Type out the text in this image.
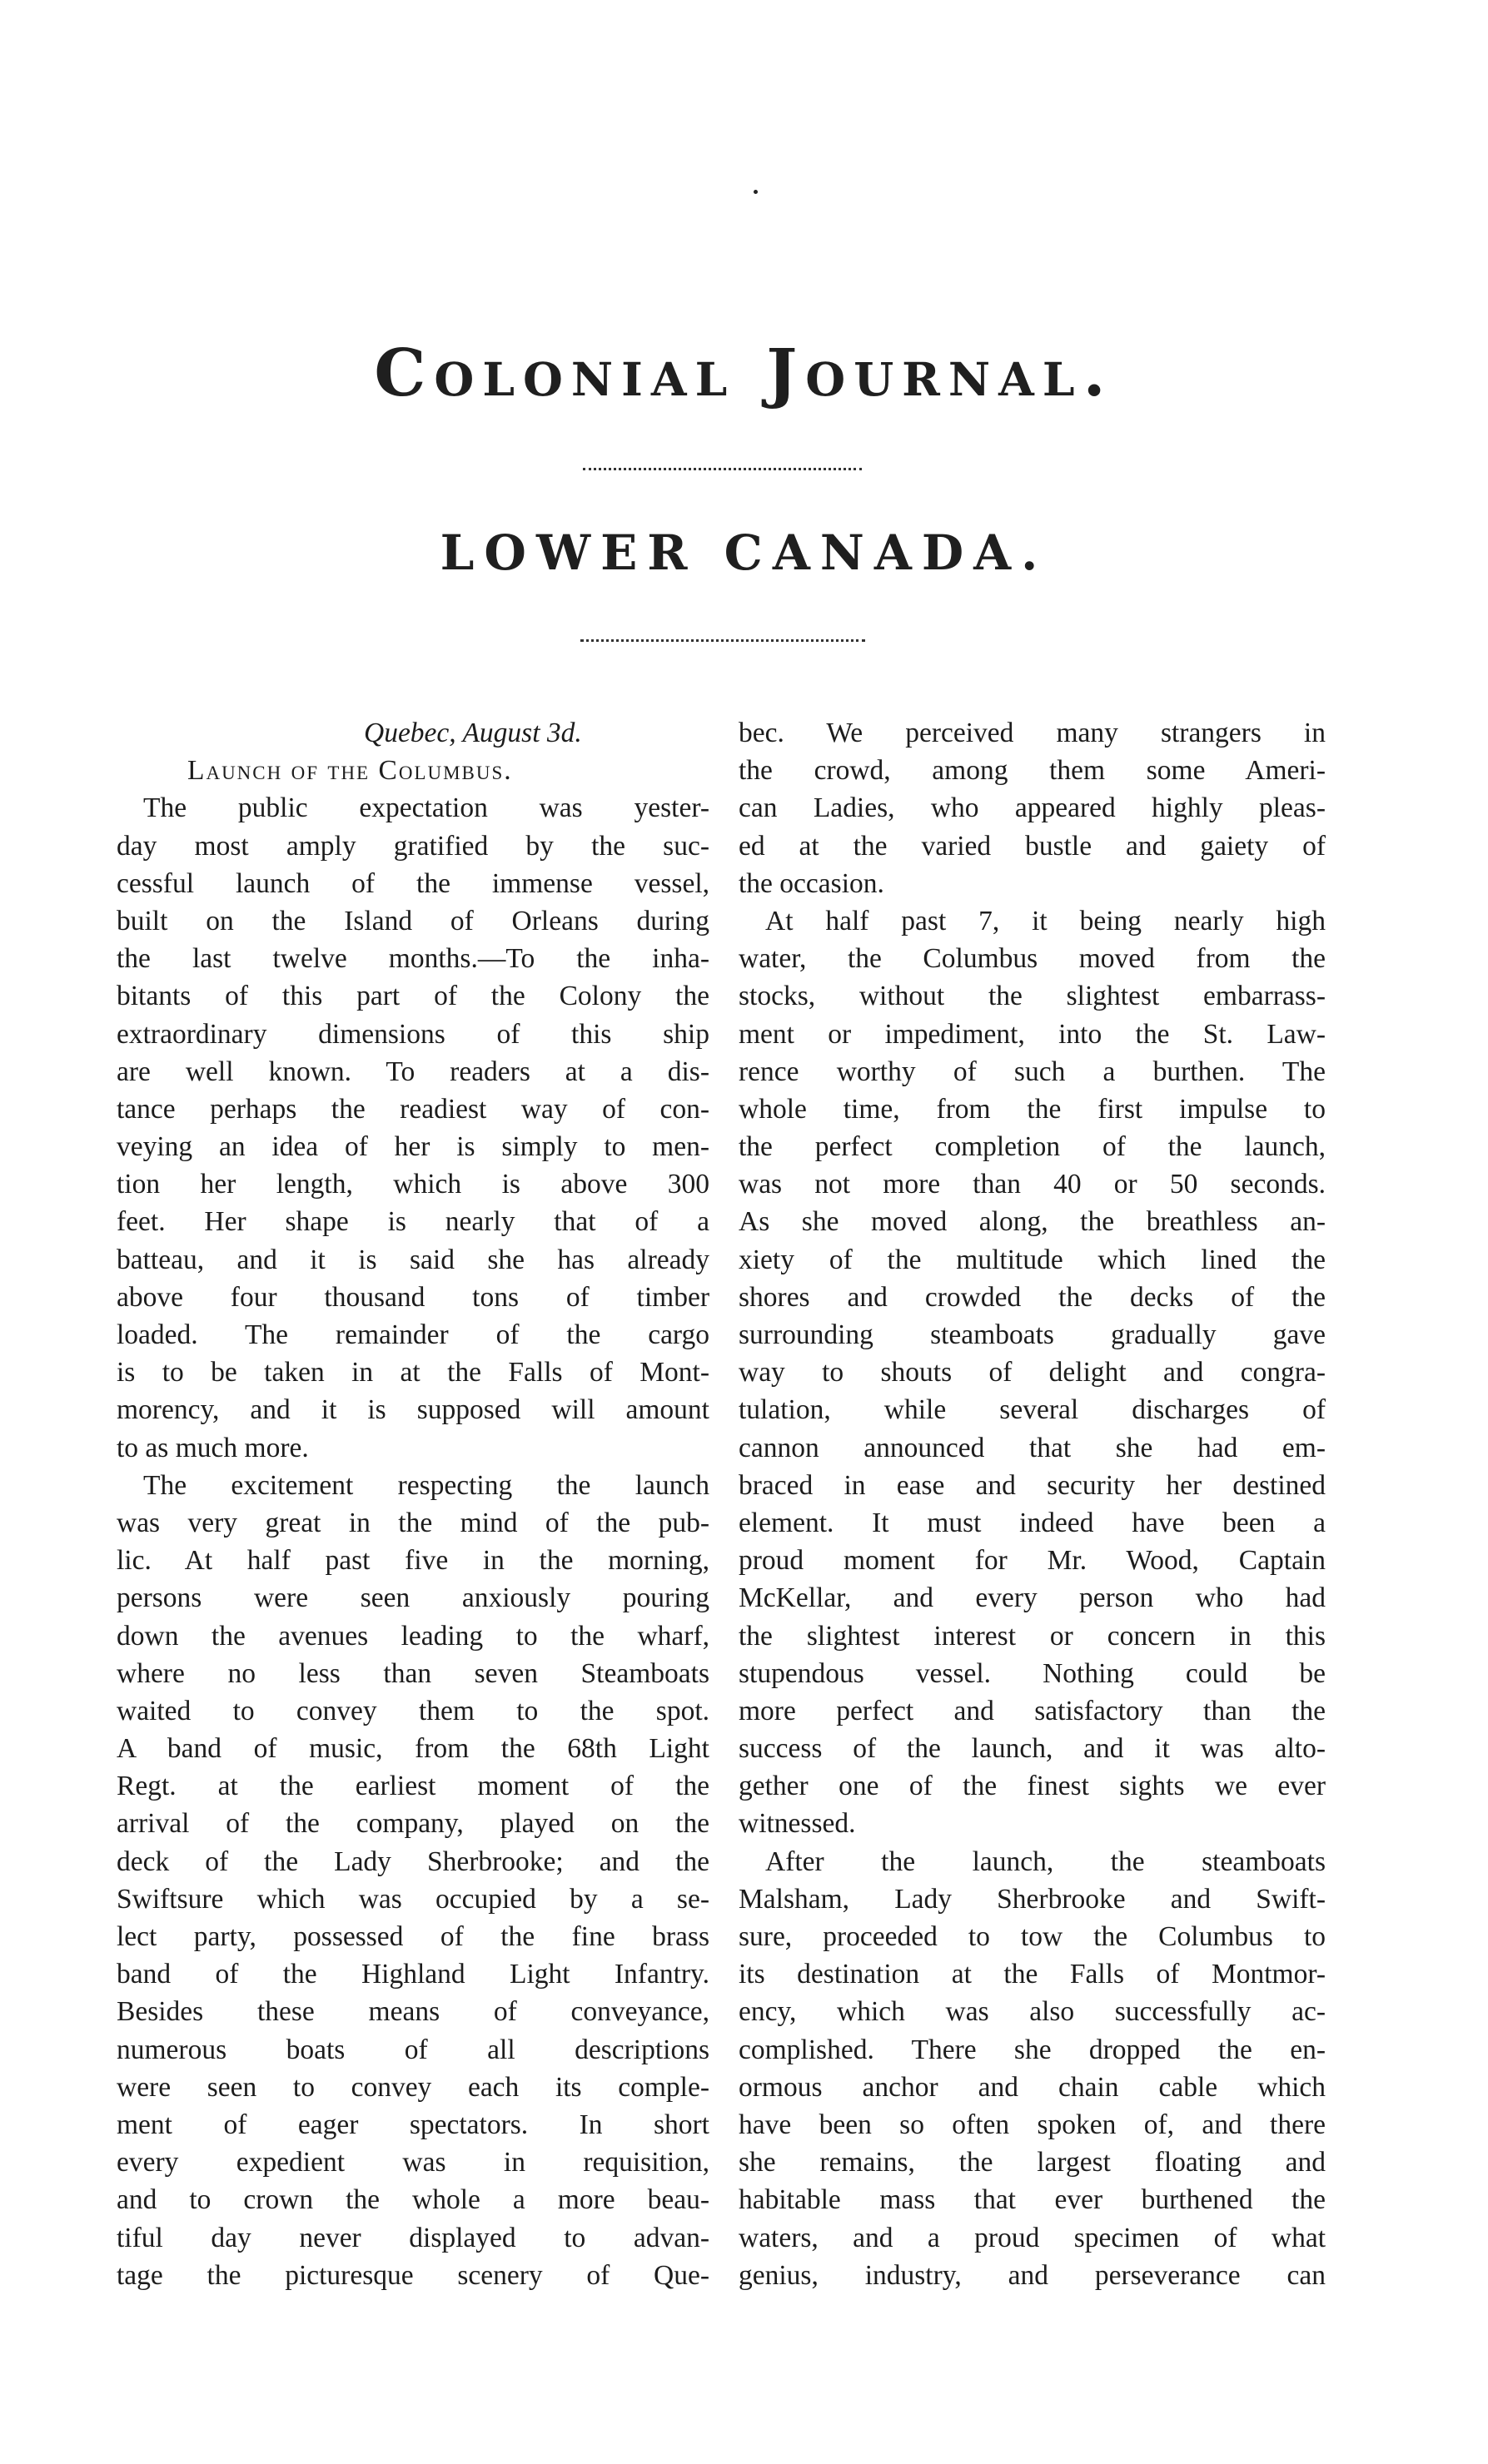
Colonial Journal.
LOWER CANADA.
Quebec, August 3d.
Launch of the Columbus.
The public expectation was yester-
day most amply gratified by the suc-
cessful launch of the immense vessel,
built on the Island of Orleans during
the last twelve months.—To the inha-
bitants of this part of the Colony the
extraordinary dimensions of this ship
are well known. To readers at a dis-
tance perhaps the readiest way of con-
veying an idea of her is simply to men-
tion her length, which is above 300
feet. Her shape is nearly that of a
batteau, and it is said she has already
above four thousand tons of timber
loaded. The remainder of the cargo
is to be taken in at the Falls of Mont-
morency, and it is supposed will amount
to as much more.
The excitement respecting the launch
was very great in the mind of the pub-
lic. At half past five in the morning,
persons were seen anxiously pouring
down the avenues leading to the wharf,
where no less than seven Steamboats
waited to convey them to the spot.
A band of music, from the 68th Light
Regt. at the earliest moment of the
arrival of the company, played on the
deck of the Lady Sherbrooke; and the
Swiftsure which was occupied by a se-
lect party, possessed of the fine brass
band of the Highland Light Infantry.
Besides these means of conveyance,
numerous boats of all descriptions
were seen to convey each its comple-
ment of eager spectators. In short
every expedient was in requisition,
and to crown the whole a more beau-
tiful day never displayed to advan-
tage the picturesque scenery of Que-
bec. We perceived many strangers in
the crowd, among them some Ameri-
can Ladies, who appeared highly pleas-
ed at the varied bustle and gaiety of
the occasion.
At half past 7, it being nearly high
water, the Columbus moved from the
stocks, without the slightest embarrass-
ment or impediment, into the St. Law-
rence worthy of such a burthen. The
whole time, from the first impulse to
the perfect completion of the launch,
was not more than 40 or 50 seconds.
As she moved along, the breathless an-
xiety of the multitude which lined the
shores and crowded the decks of the
surrounding steamboats gradually gave
way to shouts of delight and congra-
tulation, while several discharges of
cannon announced that she had em-
braced in ease and security her destined
element. It must indeed have been a
proud moment for Mr. Wood, Captain
McKellar, and every person who had
the slightest interest or concern in this
stupendous vessel. Nothing could be
more perfect and satisfactory than the
success of the launch, and it was alto-
gether one of the finest sights we ever
witnessed.
After the launch, the steamboats
Malsham, Lady Sherbrooke and Swift-
sure, proceeded to tow the Columbus to
its destination at the Falls of Montmor-
ency, which was also successfully ac-
complished. There she dropped the en-
ormous anchor and chain cable which
have been so often spoken of, and there
she remains, the largest floating and
habitable mass that ever burthened the
waters, and a proud specimen of what
genius, industry, and perseverance can
